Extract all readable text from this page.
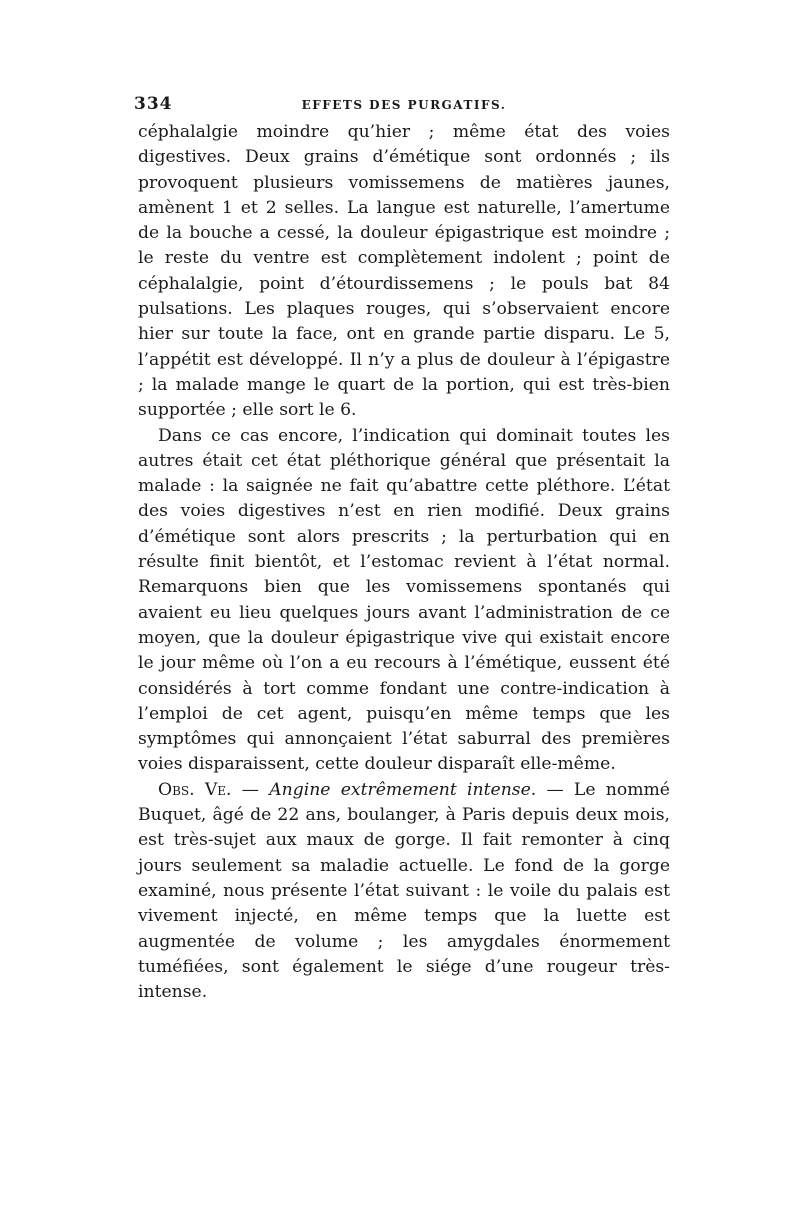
334	EFFETS DES PURGATIFS.

céphalalgie moindre qu’hier ; même état des voies digestives. Deux grains d’émétique sont ordonnés ; ils provoquent plusieurs vomissemens de matières jaunes, amènent 1 et 2 selles. La langue est naturelle, l’amertume de la bouche a cessé, la douleur épigastrique est moindre ; le reste du ventre est complètement indolent ; point de céphalalgie, point d’étourdissemens ; le pouls bat 84 pulsations. Les plaques rouges, qui s’observaient encore hier sur toute la face, ont en grande partie disparu. Le 5, l’appétit est développé. Il n’y a plus de douleur à l’épigastre ; la malade mange le quart de la portion, qui est très-bien supportée ; elle sort le 6.

Dans ce cas encore, l’indication qui dominait toutes les autres était cet état pléthorique général que présentait la malade : la saignée ne fait qu’abattre cette pléthore. L’état des voies digestives n’est en rien modifié. Deux grains d’émétique sont alors prescrits ; la perturbation qui en résulte finit bientôt, et l’estomac revient à l’état normal. Remarquons bien que les vomissemens spontanés qui avaient eu lieu quelques jours avant l’administration de ce moyen, que la douleur épigastrique vive qui existait encore le jour même où l’on a eu recours à l’émétique, eussent été considérés à tort comme fondant une contre-indication à l’emploi de cet agent, puisqu’en même temps que les symptômes qui annonçaient l’état saburral des premières voies disparaissent, cette douleur disparaît elle-même.

Obs. Ve. — Angine extrêmement intense. — Le nommé Buquet, âgé de 22 ans, boulanger, à Paris depuis deux mois, est très-sujet aux maux de gorge. Il fait remonter à cinq jours seulement sa maladie actuelle. Le fond de la gorge examiné, nous présente l’état suivant : le voile du palais est vivement injecté, en même temps que la luette est augmentée de volume ; les amygdales énormement tuméfiées, sont également le siége d’une rougeur très-intense.
